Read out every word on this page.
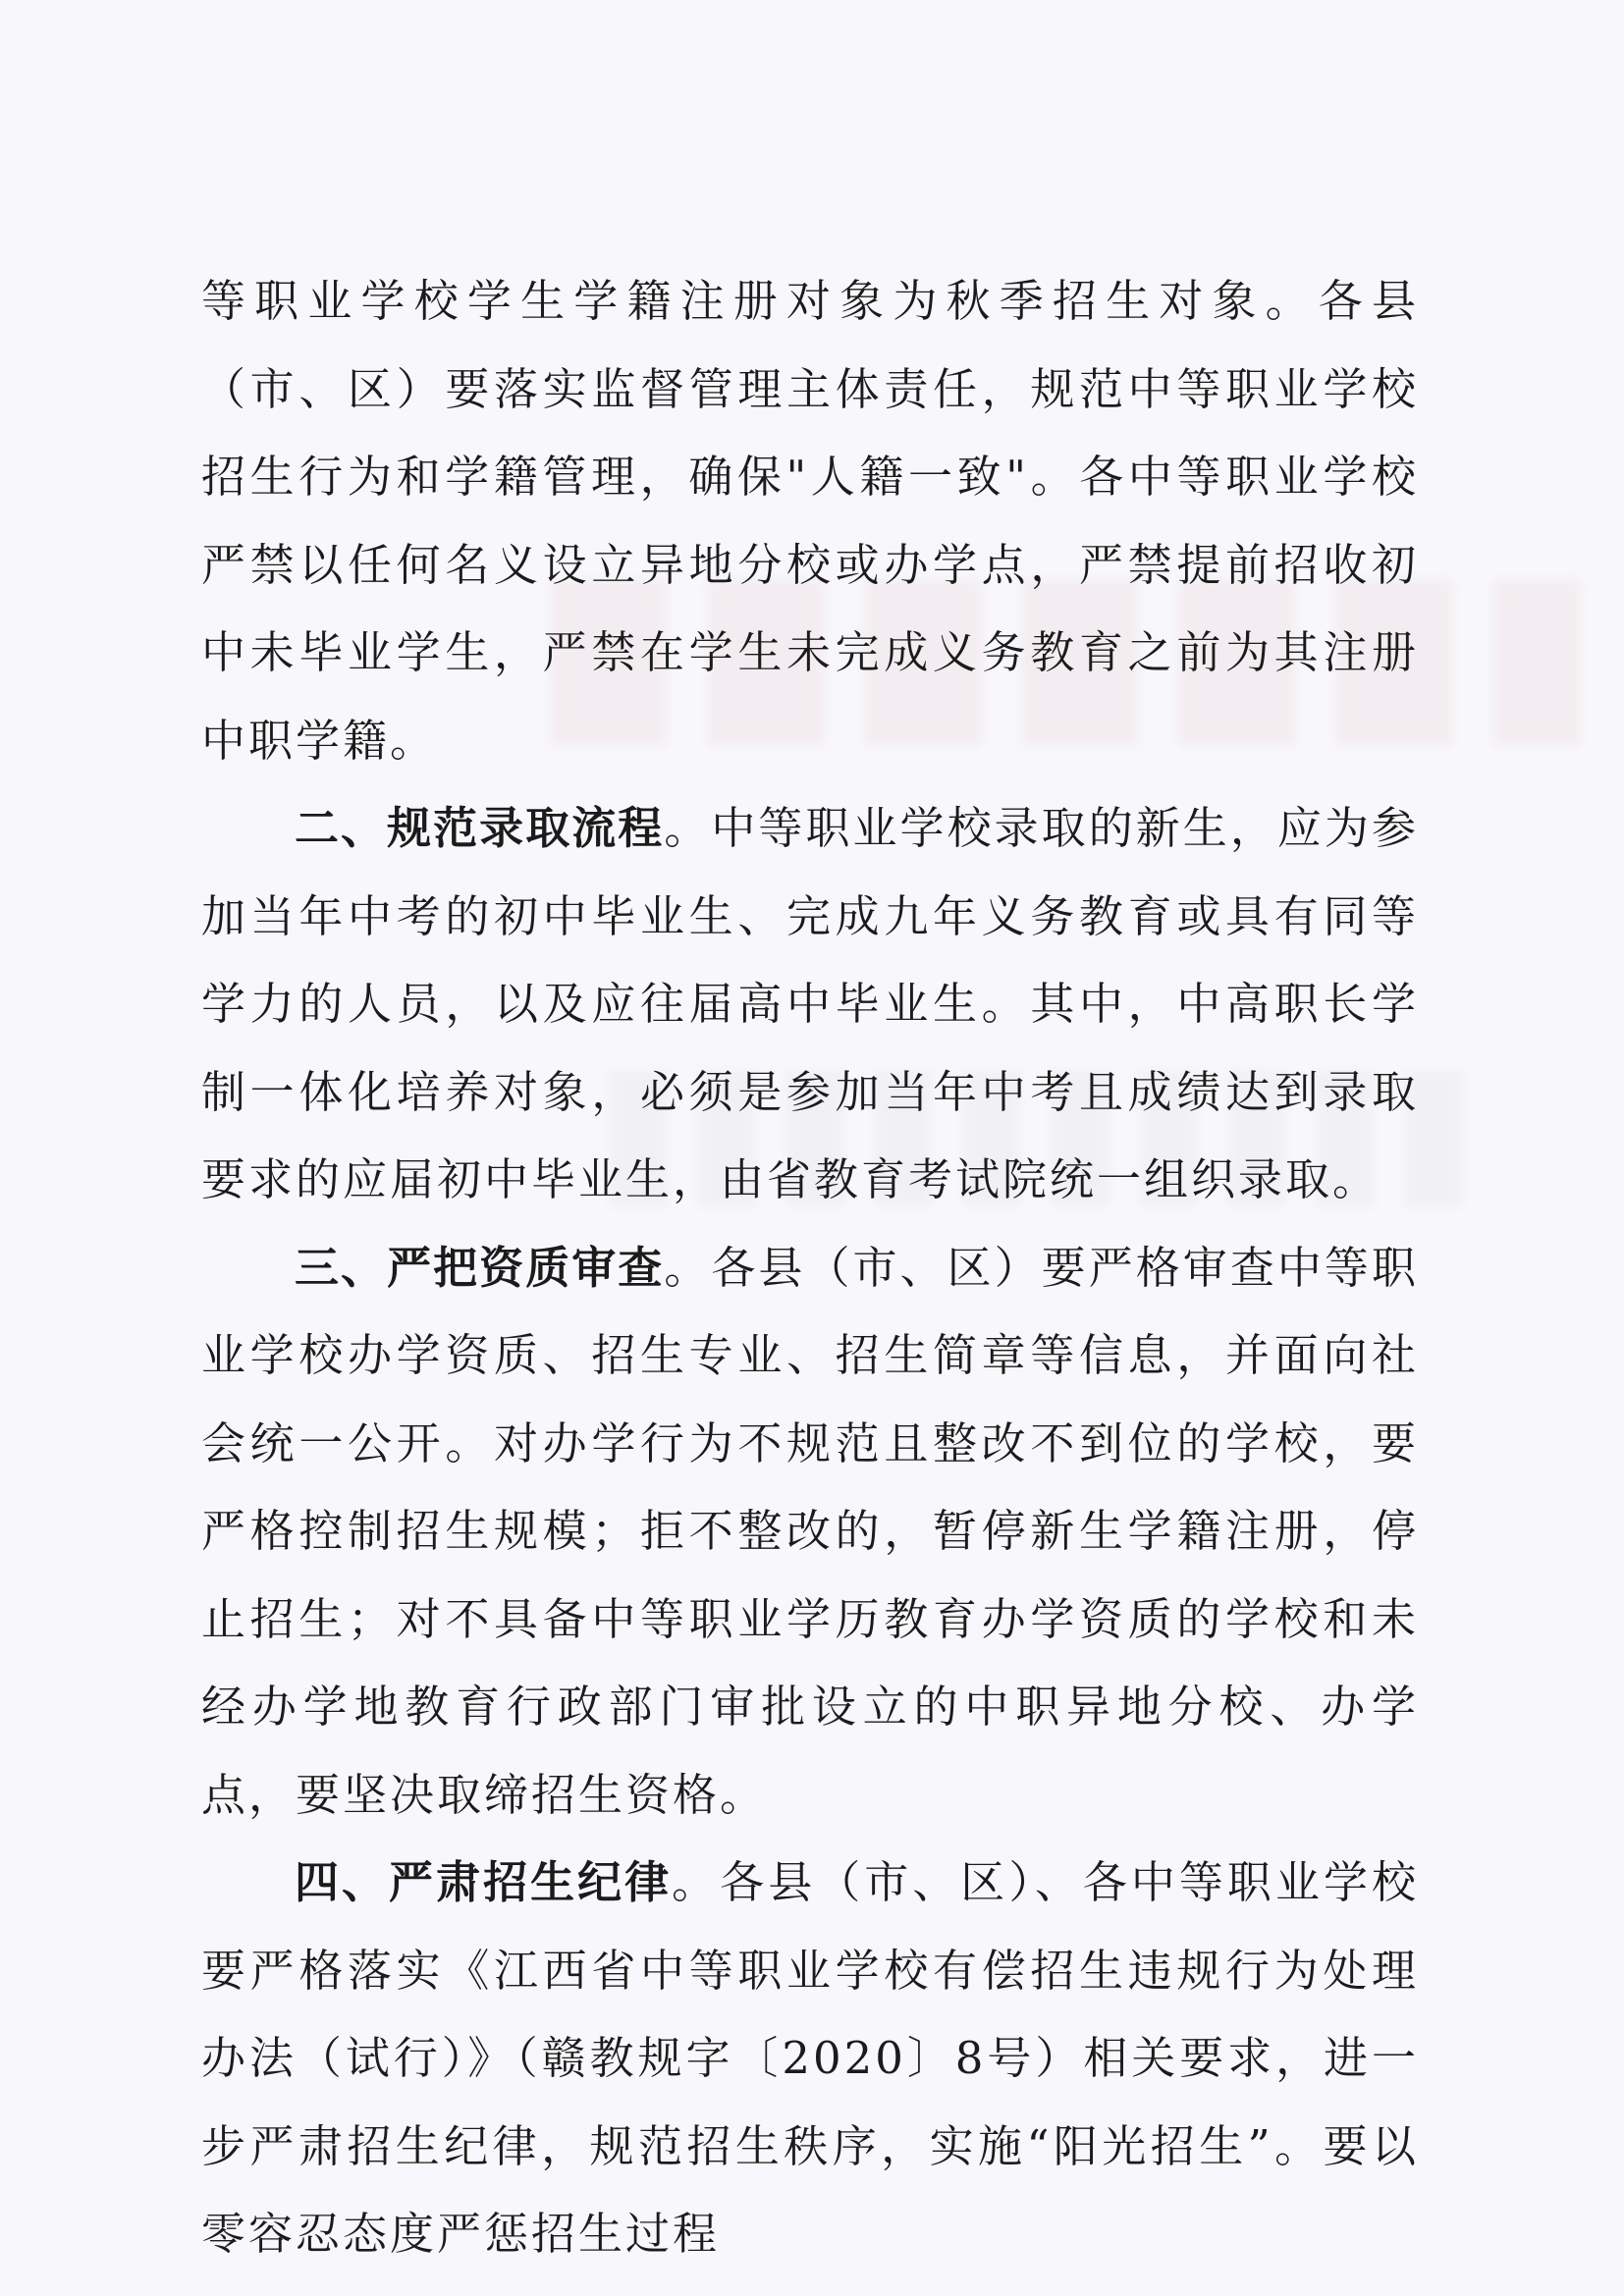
等职业学校学生学籍注册对象为秋季招生对象。各县（市、区）要落实监督管理主体责任，规范中等职业学校招生行为和学籍管理，确保"人籍一致"。各中等职业学校严禁以任何名义设立异地分校或办学点，严禁提前招收初中未毕业学生，严禁在学生未完成义务教育之前为其注册中职学籍。

二、规范录取流程。中等职业学校录取的新生，应为参加当年中考的初中毕业生、完成九年义务教育或具有同等学力的人员，以及应往届高中毕业生。其中，中高职长学制一体化培养对象，必须是参加当年中考且成绩达到录取要求的应届初中毕业生，由省教育考试院统一组织录取。

三、严把资质审查。各县（市、区）要严格审查中等职业学校办学资质、招生专业、招生简章等信息，并面向社会统一公开。对办学行为不规范且整改不到位的学校，要严格控制招生规模；拒不整改的，暂停新生学籍注册，停止招生；对不具备中等职业学历教育办学资质的学校和未经办学地教育行政部门审批设立的中职异地分校、办学点，要坚决取缔招生资格。

四、严肃招生纪律。各县（市、区）、各中等职业学校要严格落实《江西省中等职业学校有偿招生违规行为处理办法（试行）》（赣教规字〔2020〕8号）相关要求，进一步严肃招生纪律，规范招生秩序，实施“阳光招生”。要以零容忍态度严惩招生过程
